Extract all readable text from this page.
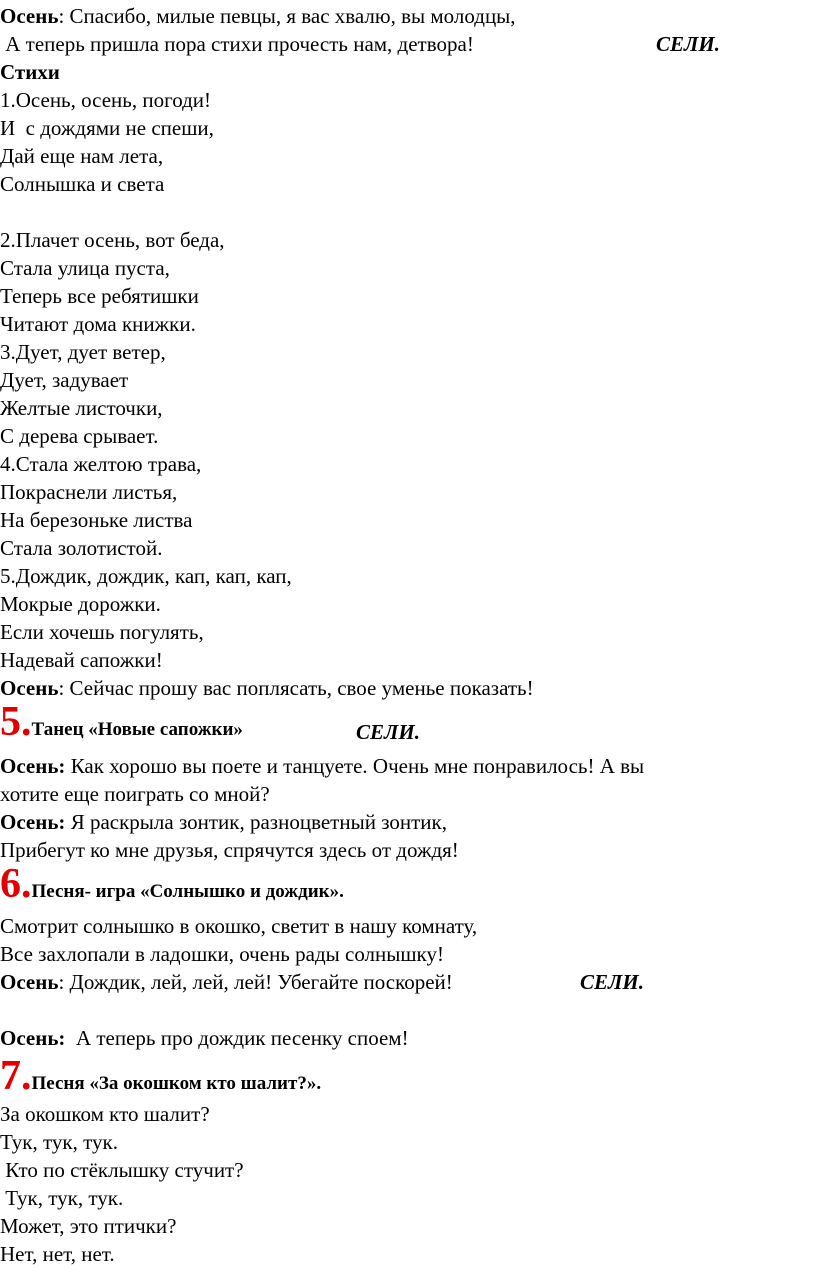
Осень: Спасибо, милые певцы, я вас хвалю, вы молодцы,
А теперь пришла пора стихи прочесть нам, детвора!	СЕЛИ.
Стихи
1.Осень, осень, погоди!
И  с дождями не спеши,
Дай еще нам лета,
Солнышка и света
2.Плачет осень, вот беда,
Стала улица пуста,
Теперь все ребятишки
Читают дома книжки.
3.Дует, дует ветер,
Дует, задувает
Желтые листочки,
С дерева срывает.
4.Стала желтою трава,
Покраснели листья,
На березоньке листва
Стала золотистой.
5.Дождик, дождик, кап, кап, кап,
Мокрые дорожки.
Если хочешь погулять,
Надевай сапожки!
Осень: Сейчас прошу вас поплясать, свое уменье показать!
5.Танец «Новые сапожки»	СЕЛИ.
Осень: Как хорошо вы поете и танцуете. Очень мне понравилось! А вы
хотите еще поиграть со мной?
Осень: Я раскрыла зонтик, разноцветный зонтик,
Прибегут ко мне друзья, спрячутся здесь от дождя!
6.Песня- игра «Солнышко и дождик».
Смотрит солнышко в окошко, светит в нашу комнату,
Все захлопали в ладошки, очень рады солнышку!
Осень: Дождик, лей, лей, лей! Убегайте поскорей!	СЕЛИ.
Осень:  А теперь про дождик песенку споем!
7.Песня «За окошком кто шалит?».
За окошком кто шалит?
Тук, тук, тук.
Кто по стёклышку стучит?
Тук, тук, тук.
Может, это птички?
Нет, нет, нет.
